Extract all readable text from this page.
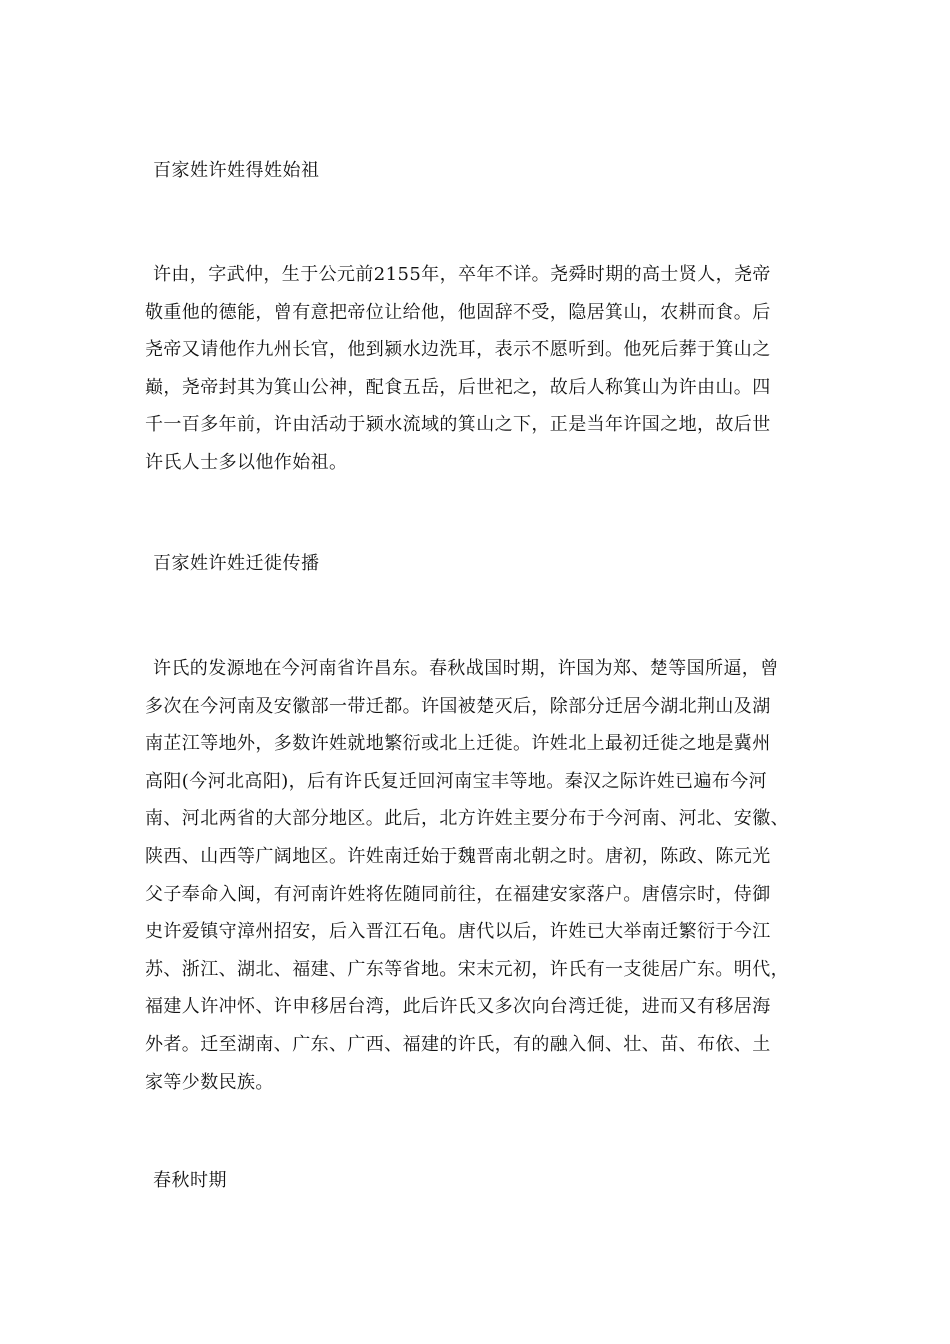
百家姓许姓得姓始祖
许由，字武仲，生于公元前2155年，卒年不详。尧舜时期的高士贤人，尧帝
敬重他的德能，曾有意把帝位让给他，他固辞不受，隐居箕山，农耕而食。后
尧帝又请他作九州长官，他到颍水边洗耳，表示不愿听到。他死后葬于箕山之
巅，尧帝封其为箕山公神，配食五岳，后世祀之，故后人称箕山为许由山。四
千一百多年前，许由活动于颍水流域的箕山之下，正是当年许国之地，故后世
许氏人士多以他作始祖。
百家姓许姓迁徙传播
许氏的发源地在今河南省许昌东。春秋战国时期，许国为郑、楚等国所逼，曾
多次在今河南及安徽部一带迁都。许国被楚灭后，除部分迁居今湖北荆山及湖
南芷江等地外，多数许姓就地繁衍或北上迁徙。许姓北上最初迁徙之地是冀州
高阳(今河北高阳)，后有许氏复迁回河南宝丰等地。秦汉之际许姓已遍布今河
南、河北两省的大部分地区。此后，北方许姓主要分布于今河南、河北、安徽、
陕西、山西等广阔地区。许姓南迁始于魏晋南北朝之时。唐初，陈政、陈元光
父子奉命入闽，有河南许姓将佐随同前往，在福建安家落户。唐僖宗时，侍御
史许爱镇守漳州招安，后入晋江石龟。唐代以后，许姓已大举南迁繁衍于今江
苏、浙江、湖北、福建、广东等省地。宋末元初，许氏有一支徙居广东。明代，
福建人许冲怀、许申移居台湾，此后许氏又多次向台湾迁徙，进而又有移居海
外者。迁至湖南、广东、广西、福建的许氏，有的融入侗、壮、苗、布依、土
家等少数民族。
春秋时期
